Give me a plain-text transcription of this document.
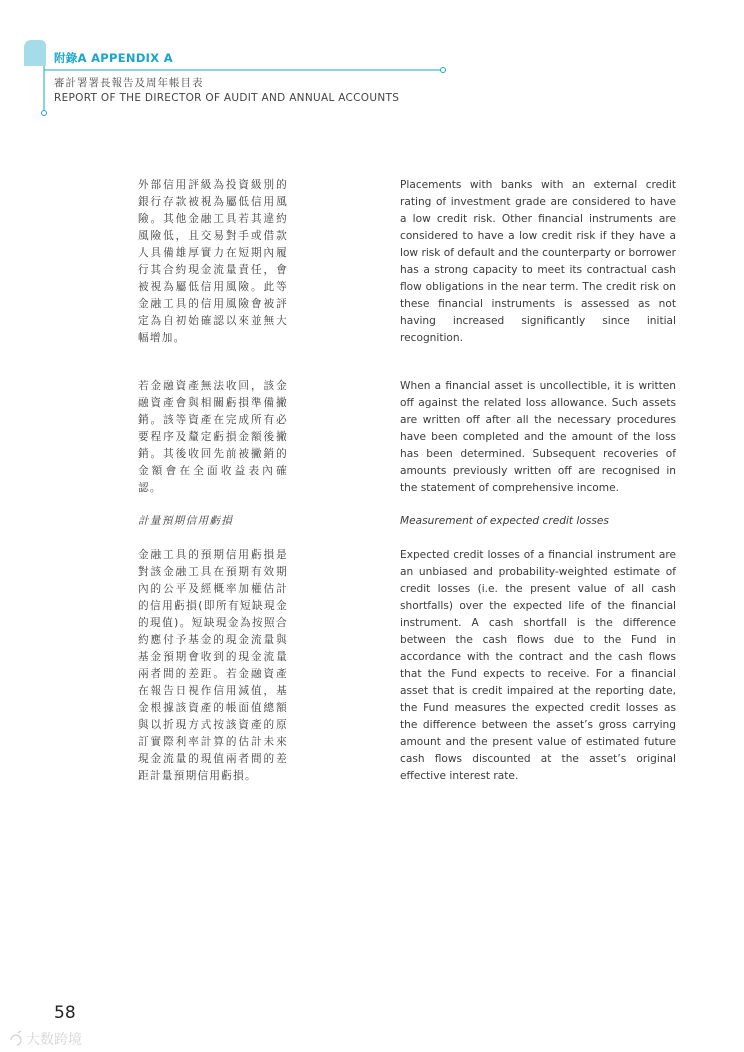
附錄A APPENDIX A
審計署署長報告及周年帳目表
REPORT OF THE DIRECTOR OF AUDIT AND ANNUAL ACCOUNTS

外部信用評級為投資級別的銀行存款被視為屬低信用風險。其他金融工具若其違約風險低，且交易對手或借款人具備雄厚實力在短期內履行其合約現金流量責任，會被視為屬低信用風險。此等金融工具的信用風險會被評定為自初始確認以來並無大幅增加。

若金融資產無法收回，該金融資產會與相關虧損準備撇銷。該等資產在完成所有必要程序及釐定虧損金額後撇銷。其後收回先前被撇銷的金額會在全面收益表內確認。

計量預期信用虧損

金融工具的預期信用虧損是對該金融工具在預期有效期內的公平及經概率加權估計的信用虧損(即所有短缺現金的現值)。短缺現金為按照合約應付予基金的現金流量與基金預期會收到的現金流量兩者間的差距。若金融資產在報告日視作信用減值，基金根據該資產的帳面值總額與以折現方式按該資產的原訂實際利率計算的估計未來現金流量的現值兩者間的差距計量預期信用虧損。

Placements with banks with an external credit rating of investment grade are considered to have a low credit risk. Other financial instruments are considered to have a low credit risk if they have a low risk of default and the counterparty or borrower has a strong capacity to meet its contractual cash flow obligations in the near term. The credit risk on these financial instruments is assessed as not having increased significantly since initial recognition.

When a financial asset is uncollectible, it is written off against the related loss allowance. Such assets are written off after all the necessary procedures have been completed and the amount of the loss has been determined. Subsequent recoveries of amounts previously written off are recognised in the statement of comprehensive income.

Measurement of expected credit losses

Expected credit losses of a financial instrument are an unbiased and probability-weighted estimate of credit losses (i.e. the present value of all cash shortfalls) over the expected life of the financial instrument. A cash shortfall is the difference between the cash flows due to the Fund in accordance with the contract and the cash flows that the Fund expects to receive. For a financial asset that is credit impaired at the reporting date, the Fund measures the expected credit losses as the difference between the asset’s gross carrying amount and the present value of estimated future cash flows discounted at the asset’s original effective interest rate.

58
大数跨境
